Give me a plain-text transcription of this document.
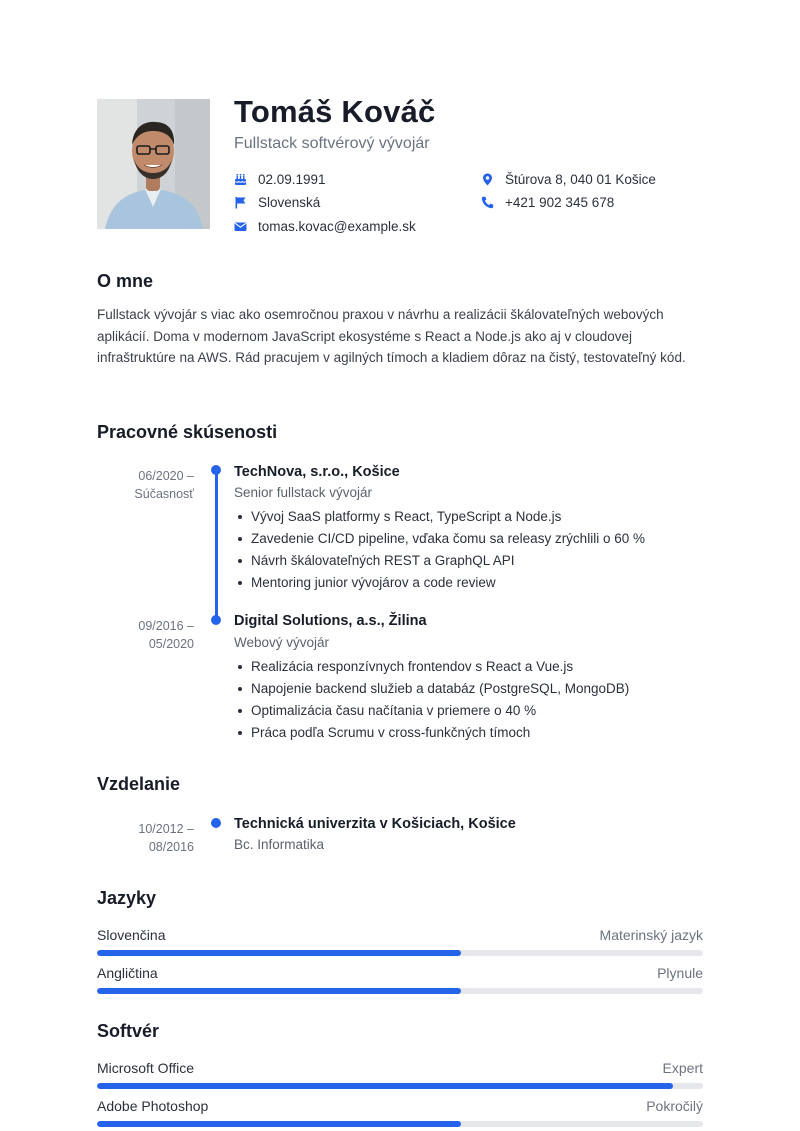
Tomáš Kováč
Fullstack softvérový vývojár
02.09.1991
Slovenská
tomas.kovac@example.sk
Štúrova 8, 040 01 Košice
+421 902 345 678
O mne
Fullstack vývojár s viac ako osemročnou praxou v návrhu a realizácii škálovateľných webových aplikácií. Doma v modernom JavaScript ekosystéme s React a Node.js ako aj v cloudovej infraštruktúre na AWS. Rád pracujem v agilných tímoch a kladiem dôraz na čistý, testovateľný kód.
Pracovné skúsenosti
06/2020 –
Súčasnosť
TechNova, s.r.o., Košice
Senior fullstack vývojár
Vývoj SaaS platformy s React, TypeScript a Node.js
Zavedenie CI/CD pipeline, vďaka čomu sa releasy zrýchlili o 60 %
Návrh škálovateľných REST a GraphQL API
Mentoring junior vývojárov a code review
09/2016 –
05/2020
Digital Solutions, a.s., Žilina
Webový vývojár
Realizácia responzívnych frontendov s React a Vue.js
Napojenie backend služieb a databáz (PostgreSQL, MongoDB)
Optimalizácia času načítania v priemere o 40 %
Práca podľa Scrumu v cross-funkčných tímoch
Vzdelanie
10/2012 –
08/2016
Technická univerzita v Košiciach, Košice
Bc. Informatika
Jazyky
Slovenčina	Materinský jazyk
Angličtina	Plynule
Softvér
Microsoft Office	Expert
Adobe Photoshop	Pokročilý
